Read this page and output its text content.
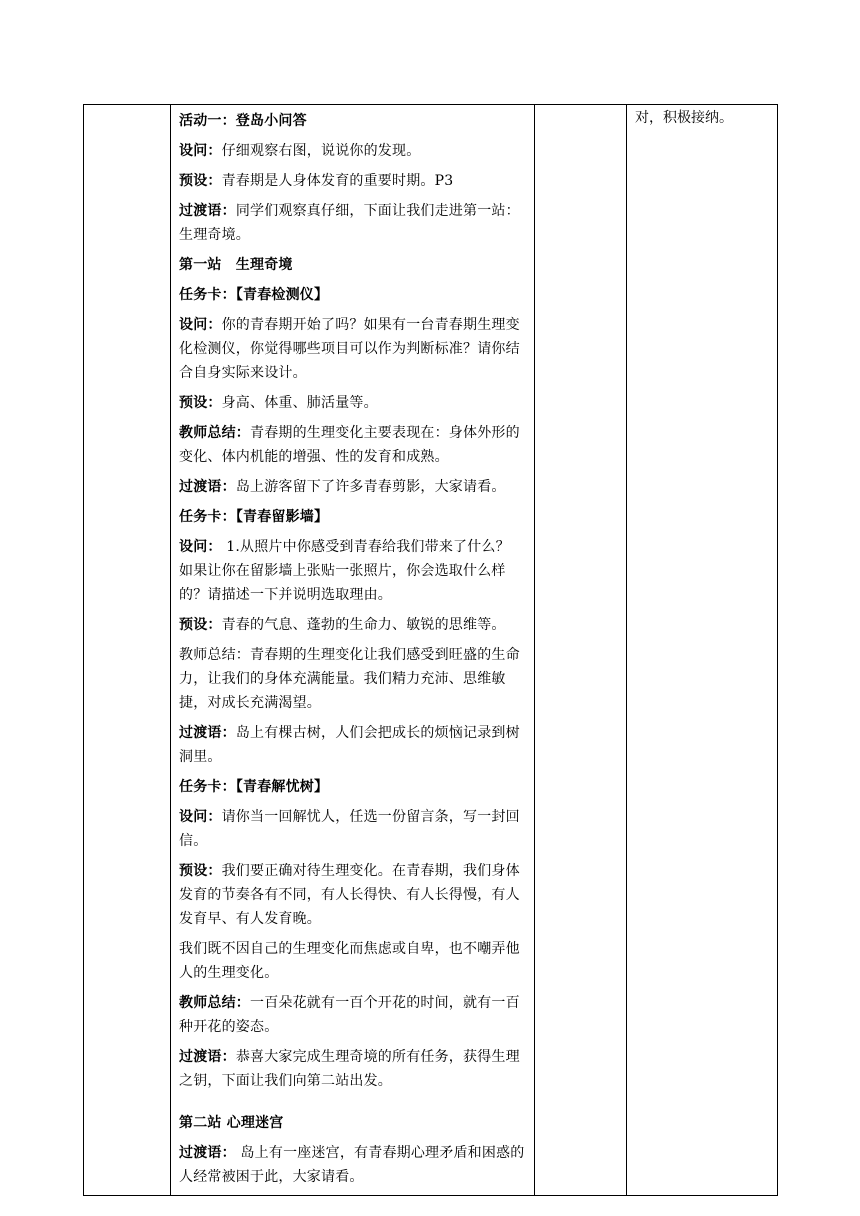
活动一：登岛小问答

设问：仔细观察右图，说说你的发现。

预设：青春期是人身体发育的重要时期。P3

过渡语：同学们观察真仔细，下面让我们走进第一站：生理奇境。

第一站　生理奇境

任务卡：【青春检测仪】

设问：你的青春期开始了吗？如果有一台青春期生理变化检测仪，你觉得哪些项目可以作为判断标准？请你结合自身实际来设计。

预设：身高、体重、肺活量等。

教师总结：青春期的生理变化主要表现在：身体外形的变化、体内机能的增强、性的发育和成熟。

过渡语：岛上游客留下了许多青春剪影，大家请看。

任务卡：【青春留影墙】

设问： 1.从照片中你感受到青春给我们带来了什么？

如果让你在留影墙上张贴一张照片，你会选取什么样的？请描述一下并说明选取理由。

预设：青春的气息、蓬勃的生命力、敏锐的思维等。

教师总结：青春期的生理变化让我们感受到旺盛的生命力，让我们的身体充满能量。我们精力充沛、思维敏捷，对成长充满渴望。

过渡语：岛上有棵古树，人们会把成长的烦恼记录到树洞里。

任务卡：【青春解忧树】

设问：请你当一回解忧人，任选一份留言条，写一封回信。

预设：我们要正确对待生理变化。在青春期，我们身体发育的节奏各有不同，有人长得快、有人长得慢，有人发育早、有人发育晚。

我们既不因自己的生理变化而焦虑或自卑，也不嘲弄他人的生理变化。

教师总结：一百朵花就有一百个开花的时间，就有一百种开花的姿态。

过渡语：恭喜大家完成生理奇境的所有任务，获得生理之钥，下面让我们向第二站出发。

第二站 心理迷宫

过渡语： 岛上有一座迷宫，有青春期心理矛盾和困惑的人经常被困于此，大家请看。

对，积极接纳。
